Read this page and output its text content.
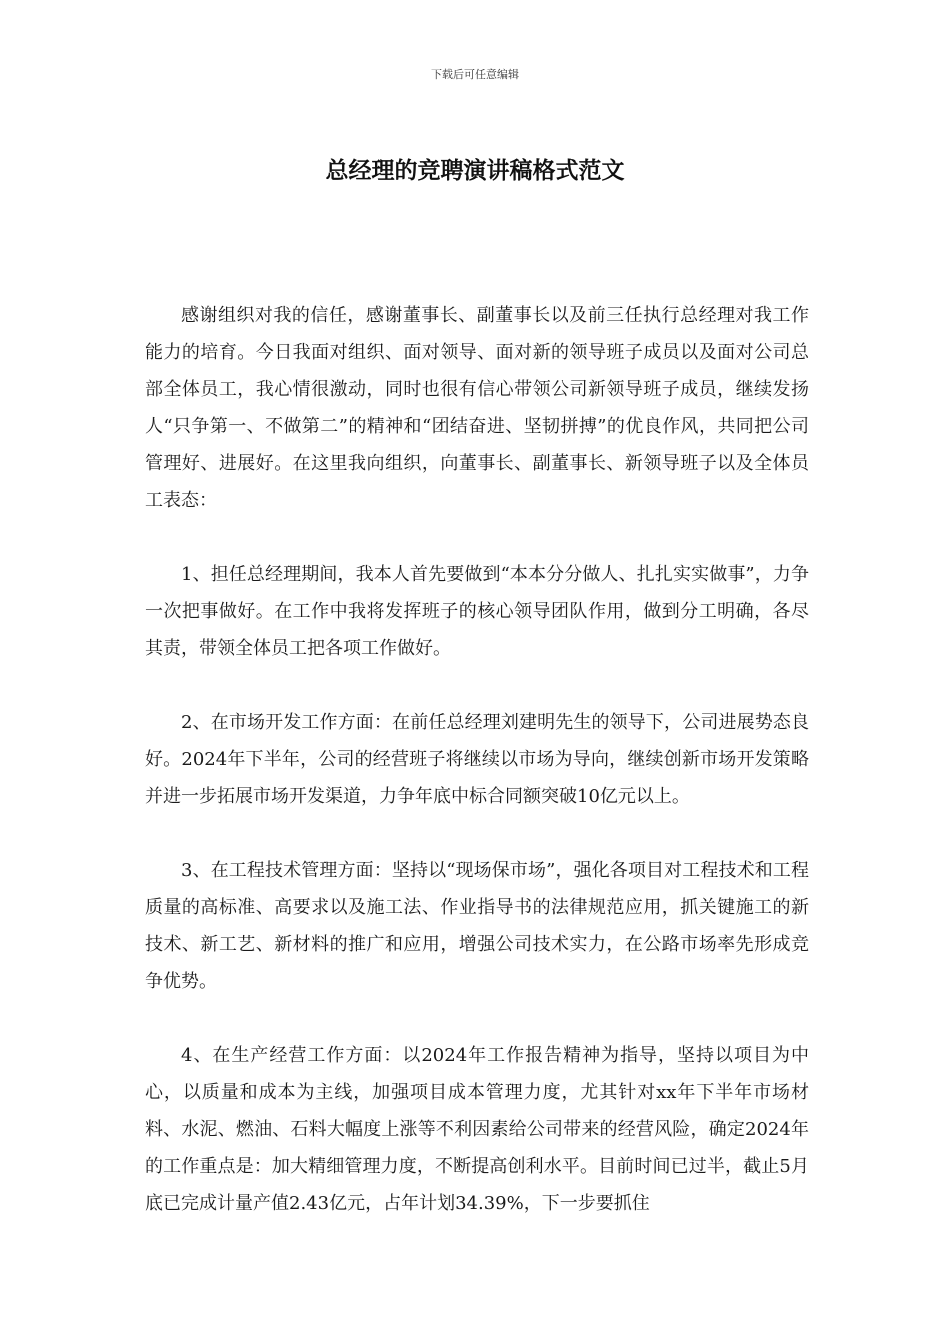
下载后可任意编辑
总经理的竞聘演讲稿格式范文

感谢组织对我的信任，感谢董事长、副董事长以及前三任执行总经理对我工作能力的培育。今日我面对组织、面对领导、面对新的领导班子成员以及面对公司总部全体员工，我心情很激动，同时也很有信心带领公司新领导班子成员，继续发扬人“只争第一、不做第二”的精神和“团结奋进、坚韧拼搏”的优良作风，共同把公司管理好、进展好。在这里我向组织，向董事长、副董事长、新领导班子以及全体员工表态：

1、担任总经理期间，我本人首先要做到“本本分分做人、扎扎实实做事”，力争一次把事做好。在工作中我将发挥班子的核心领导团队作用，做到分工明确，各尽其责，带领全体员工把各项工作做好。

2、在市场开发工作方面：在前任总经理刘建明先生的领导下，公司进展势态良好。2024年下半年，公司的经营班子将继续以市场为导向，继续创新市场开发策略并进一步拓展市场开发渠道，力争年底中标合同额突破10亿元以上。

3、在工程技术管理方面：坚持以“现场保市场”，强化各项目对工程技术和工程质量的高标准、高要求以及施工法、作业指导书的法律规范应用，抓关键施工的新技术、新工艺、新材料的推广和应用，增强公司技术实力，在公路市场率先形成竞争优势。

4、在生产经营工作方面：以2024年工作报告精神为指导，坚持以项目为中心，以质量和成本为主线，加强项目成本管理力度，尤其针对xx年下半年市场材料、水泥、燃油、石料大幅度上涨等不利因素给公司带来的经营风险，确定2024年的工作重点是：加大精细管理力度，不断提高创利水平。目前时间已过半，截止5月底已完成计量产值2.43亿元，占年计划34.39%，下一步要抓住
